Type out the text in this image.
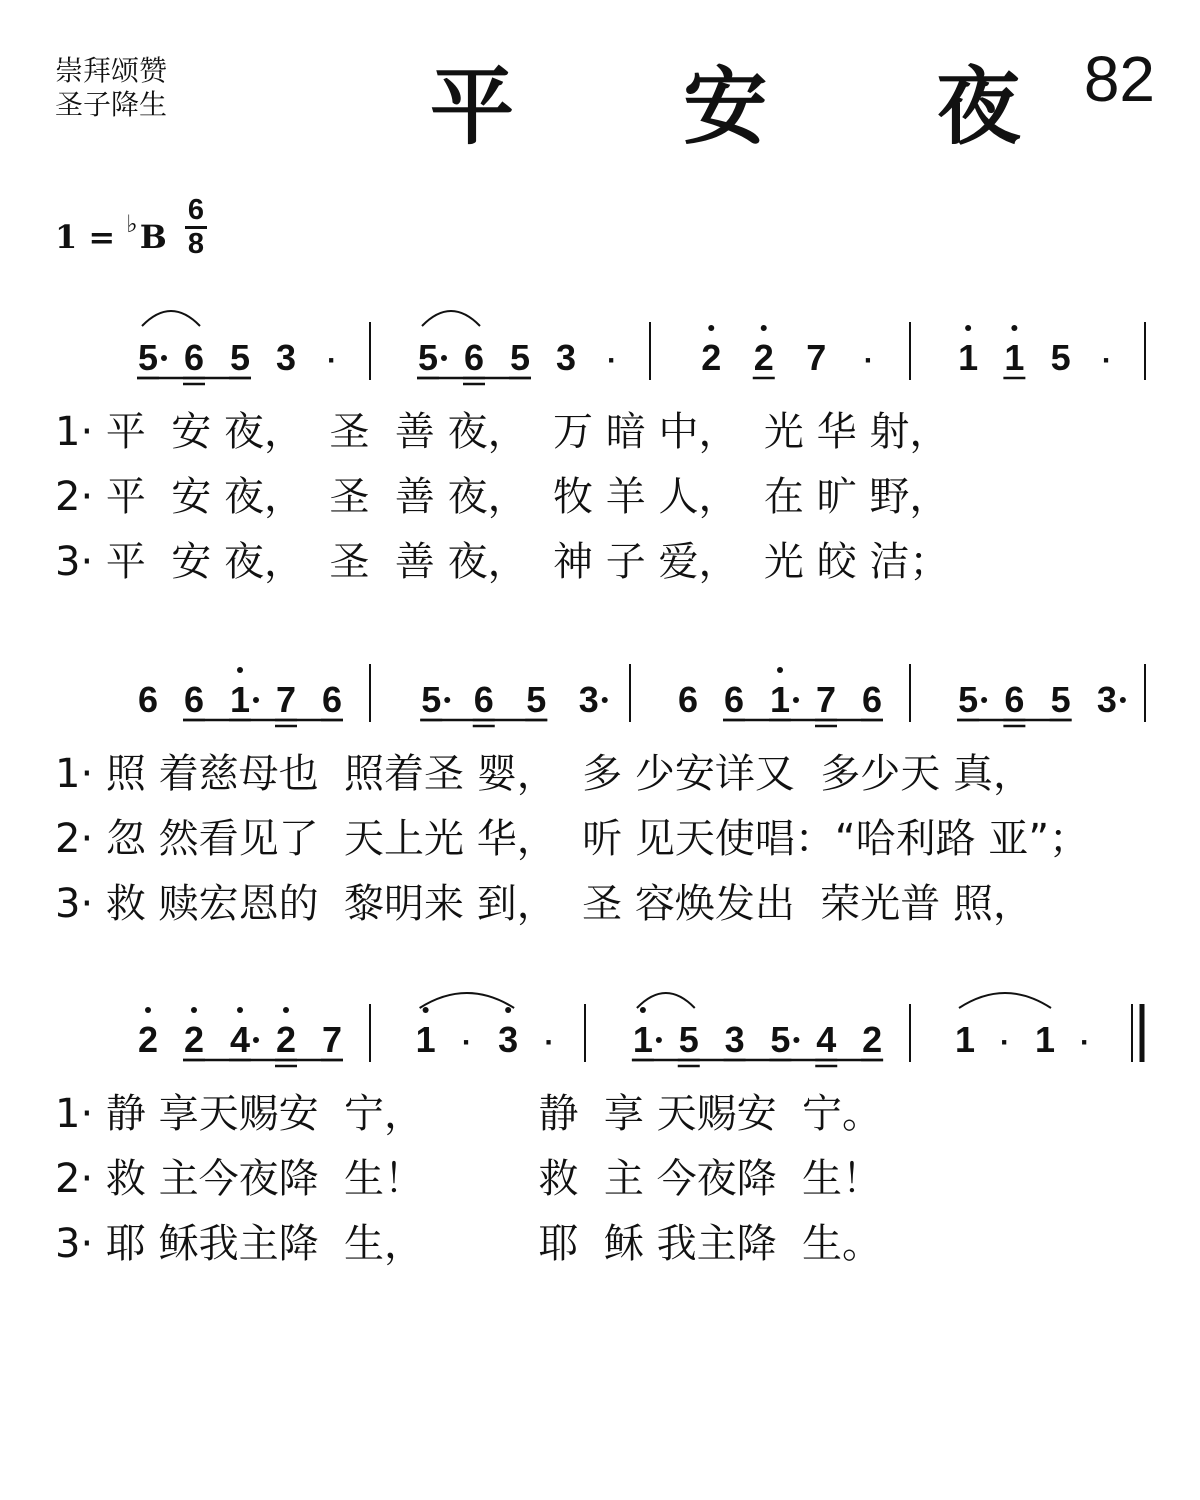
崇拜颂赞
圣子降生	平 安 夜
82
1 = ♭B
6
8
5 6 5 3 · 5 6 5 3 · 2 2 7 · 1 1 5 ·
6 6 1 7 6 5 6 5 3 6 6 1 7 6 5 6 5 3
2 2 4 2 7 1 · 3 · 1 5 3 5 4 2 1 · 1 ·
1· 平  安 夜，  圣  善 夜，  万 暗 中，  光 华 射，
2· 平  安 夜，  圣  善 夜，  牧 羊 人，  在 旷 野，
3· 平  安 夜，  圣  善 夜，  神 子 爱，  光 皎 洁；
1· 照 着慈母也  照着圣 婴，  多 少安详又  多少天 真，
2· 忽 然看见了  天上光 华，  听 见天使唱：“哈利路 亚”；
3· 救 赎宏恩的  黎明来 到，  圣 容焕发出  荣光普 照，
1· 静 享天赐安  宁，         静  享 天赐安  宁。
2· 救 主今夜降  生！         救  主 今夜降  生！
3· 耶 稣我主降  生，         耶  稣 我主降  生。
